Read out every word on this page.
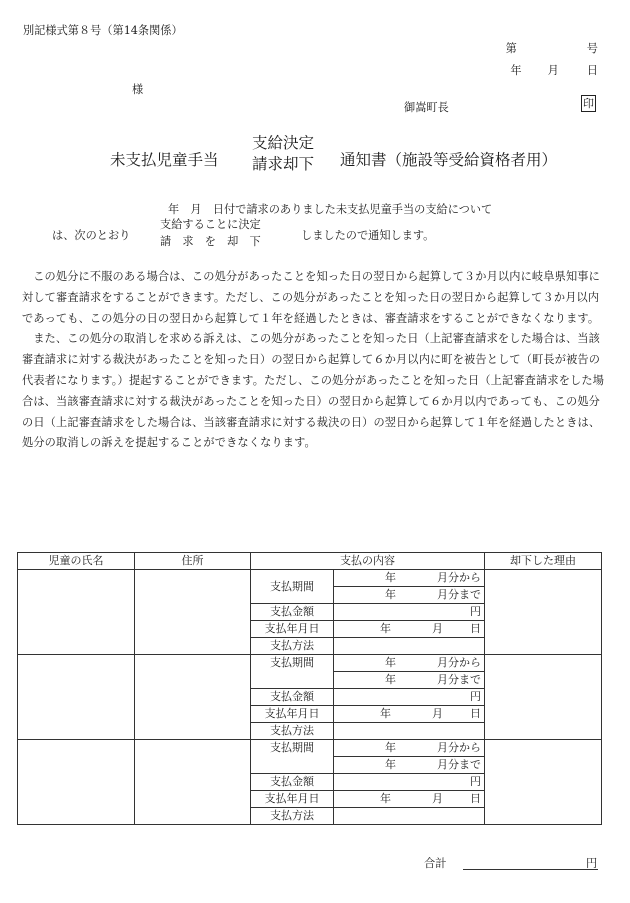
別記様式第８号（第14条関係）
第	号
年 月	日
様
御嵩町長	印
未支払児童手当
支給決定
請求却下 通知書（施設等受給資格者用）
年　月　日付で請求のありました未支払児童手当の支給について
は、次のとおり
支給することに決定
請　求　を　却　下	しましたので通知します。

この処分に不服のある場合は、この処分があったことを知った日の翌日から起算して３か月以内に岐阜県知事に対して審査請求をすることができます。ただし、この処分があったことを知った日の翌日から起算して３か月以内であっても、この処分の日の翌日から起算して１年を経過したときは、審査請求をすることができなくなります。

また、この処分の取消しを求める訴えは、この処分があったことを知った日（上記審査請求をした場合は、当該審査請求に対する裁決があったことを知った日）の翌日から起算して６か月以内に町を被告として（町長が被告の代表者になります。）提起することができます。ただし、この処分があったことを知った日（上記審査請求をした場合は、当該審査請求に対する裁決があったことを知った日）の翌日から起算して６か月以内であっても、この処分の日（上記審査請求をした場合は、当該審査請求に対する裁決の日）の翌日から起算して１年を経過したときは、処分の取消しの訴えを提起することができなくなります。

児童の氏名	住所	支払の内容		却下した理由
		支払期間	年 月分から	
			年 月分まで	
		支払金額	円	
		支払年月日	年 月 日	
		支払方法		
		支払期間	年 月分から	
			年 月分まで	
		支払金額	円	
		支払年月日	年 月 日	
		支払方法		
		支払期間	年 月分から	
			年 月分まで	
		支払金額	円	
		支払年月日	年 月 日	
		支払方法		
合計	円
